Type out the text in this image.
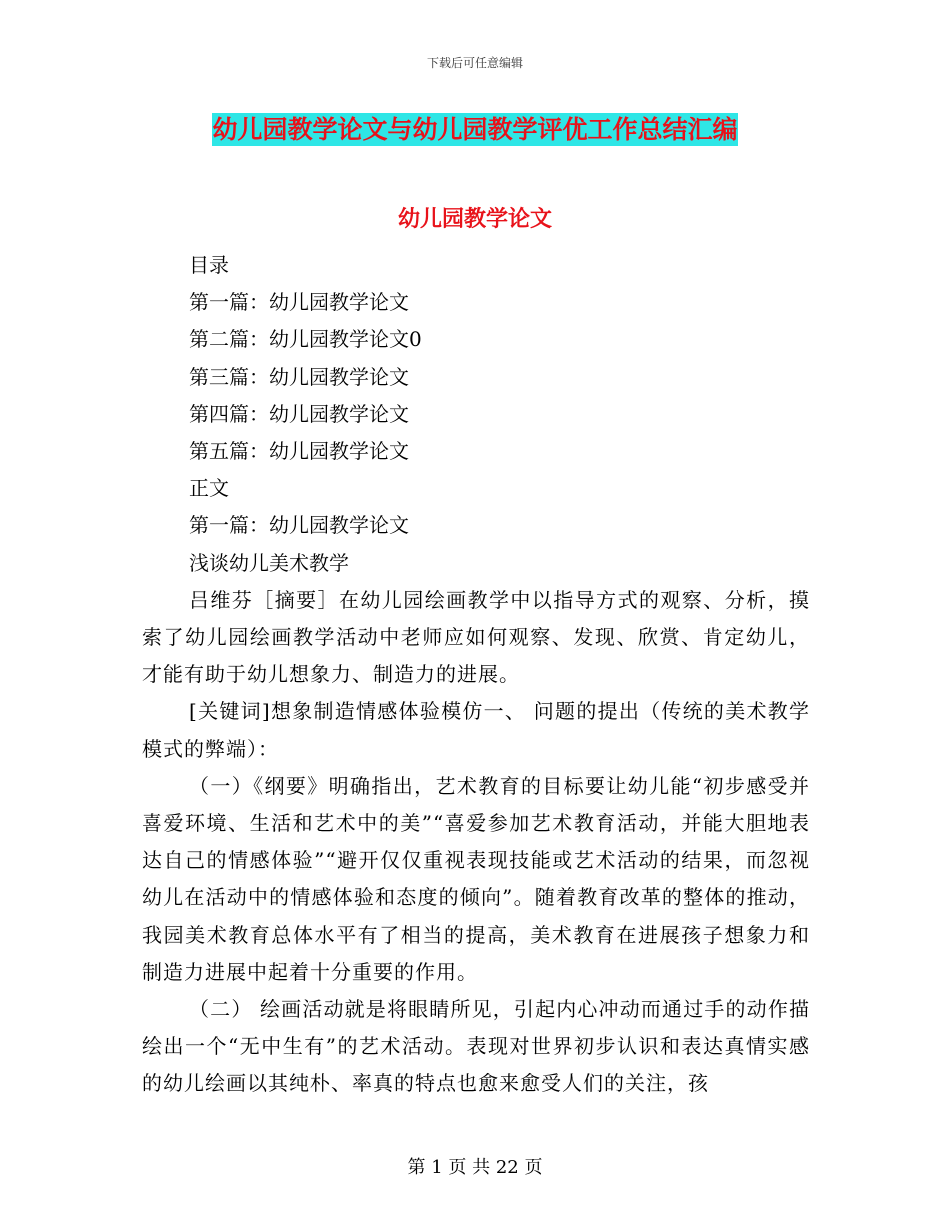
下载后可任意编辑
幼儿园教学论文与幼儿园教学评优工作总结汇编
幼儿园教学论文
目录
第一篇：幼儿园教学论文
第二篇：幼儿园教学论文0
第三篇：幼儿园教学论文
第四篇：幼儿园教学论文
第五篇：幼儿园教学论文
正文
第一篇：幼儿园教学论文
浅谈幼儿美术教学

吕维芬［摘要］在幼儿园绘画教学中以指导方式的观察、分析，摸索了幼儿园绘画教学活动中老师应如何观察、发现、欣赏、肯定幼儿，才能有助于幼儿想象力、制造力的进展。

[关键词]想象制造情感体验模仿一、 问题的提出（传统的美术教学模式的弊端）：

（一）《纲要》明确指出，艺术教育的目标要让幼儿能“初步感受并喜爱环境、生活和艺术中的美”“喜爱参加艺术教育活动，并能大胆地表达自己的情感体验”“避开仅仅重视表现技能或艺术活动的结果，而忽视幼儿在活动中的情感体验和态度的倾向”。随着教育改革的整体的推动，我园美术教育总体水平有了相当的提高，美术教育在进展孩子想象力和制造力进展中起着十分重要的作用。

（二） 绘画活动就是将眼睛所见，引起内心冲动而通过手的动作描绘出一个“无中生有”的艺术活动。表现对世界初步认识和表达真情实感的幼儿绘画以其纯朴、率真的特点也愈来愈受人们的关注，孩

第 1 页 共 22 页
